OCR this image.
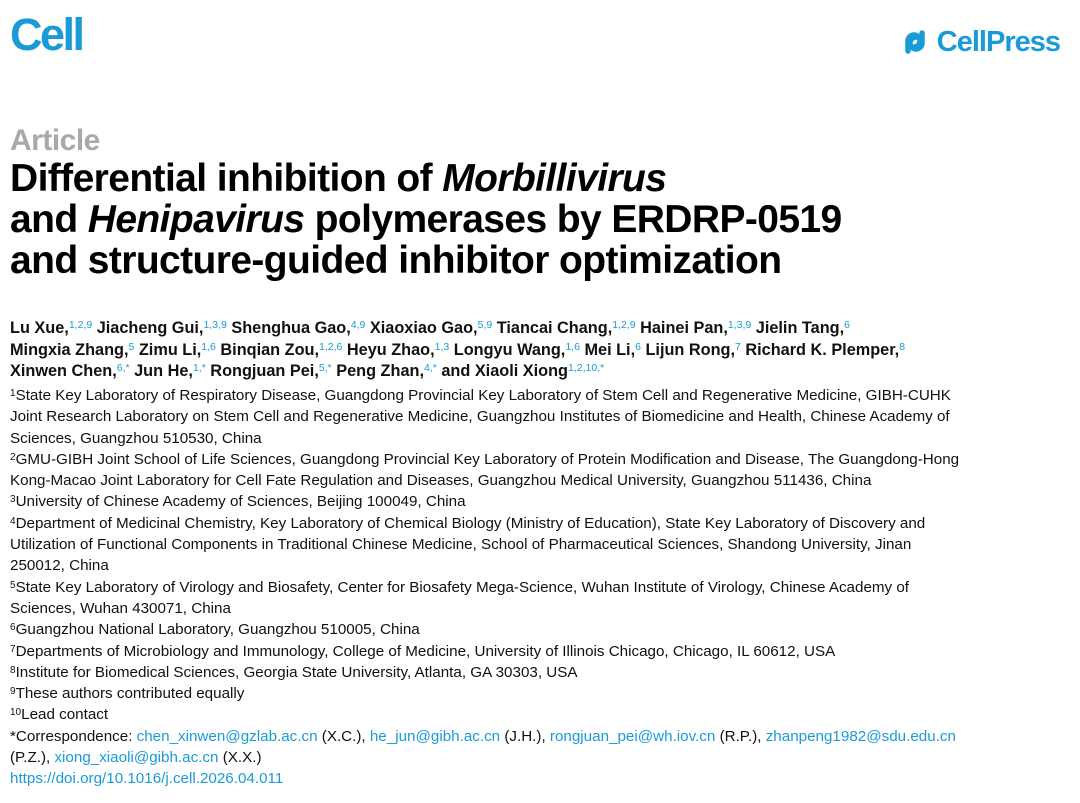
Cell	CellPress
Article
Differential inhibition of Morbillivirus
and Henipavirus polymerases by ERDRP-0519
and structure-guided inhibitor optimization
Lu Xue,$^{1,2,9}$ Jiacheng Gui,$^{1,3,9}$ Shenghua Gao,$^{4,9}$ Xiaoxiao Gao,$^{5,9}$ Tiancai Chang,$^{1,2,9}$ Hainei Pan,$^{1,3,9}$ Jielin Tang,$^6$
Mingxia Zhang,$^5$ Zimu Li,$^{1,6}$ Binqian Zou,$^{1,2,6}$ Heyu Zhao,$^{1,3}$ Longyu Wang,$^{1,6}$ Mei Li,$^6$ Lijun Rong,$^7$ Richard K. Plemper,$^8$
Xinwen Chen,$^{6,*}$ Jun He,$^{1,*}$ Rongjuan Pei,$^{5,*}$ Peng Zhan,$^{4,*}$ and Xiaoli Xiong$^{1,2,10,*}$
$^1$State Key Laboratory of Respiratory Disease, Guangdong Provincial Key Laboratory of Stem Cell and Regenerative Medicine, GIBH-CUHK
Joint Research Laboratory on Stem Cell and Regenerative Medicine, Guangzhou Institutes of Biomedicine and Health, Chinese Academy of
Sciences, Guangzhou 510530, China
$^2$GMU-GIBH Joint School of Life Sciences, Guangdong Provincial Key Laboratory of Protein Modification and Disease, The Guangdong-Hong
Kong-Macao Joint Laboratory for Cell Fate Regulation and Diseases, Guangzhou Medical University, Guangzhou 511436, China
$^3$University of Chinese Academy of Sciences, Beijing 100049, China
$^4$Department of Medicinal Chemistry, Key Laboratory of Chemical Biology (Ministry of Education), State Key Laboratory of Discovery and
Utilization of Functional Components in Traditional Chinese Medicine, School of Pharmaceutical Sciences, Shandong University, Jinan
250012, China
$^5$State Key Laboratory of Virology and Biosafety, Center for Biosafety Mega-Science, Wuhan Institute of Virology, Chinese Academy of
Sciences, Wuhan 430071, China
$^6$Guangzhou National Laboratory, Guangzhou 510005, China
$^7$Departments of Microbiology and Immunology, College of Medicine, University of Illinois Chicago, Chicago, IL 60612, USA
$^8$Institute for Biomedical Sciences, Georgia State University, Atlanta, GA 30303, USA
$^9$These authors contributed equally
$^{10}$Lead contact
*Correspondence: chen_xinwen@gzlab.ac.cn (X.C.), he_jun@gibh.ac.cn (J.H.), rongjuan_pei@wh.iov.cn (R.P.), zhanpeng1982@sdu.edu.cn
(P.Z.), xiong_xiaoli@gibh.ac.cn (X.X.)
https://doi.org/10.1016/j.cell.2026.04.011
